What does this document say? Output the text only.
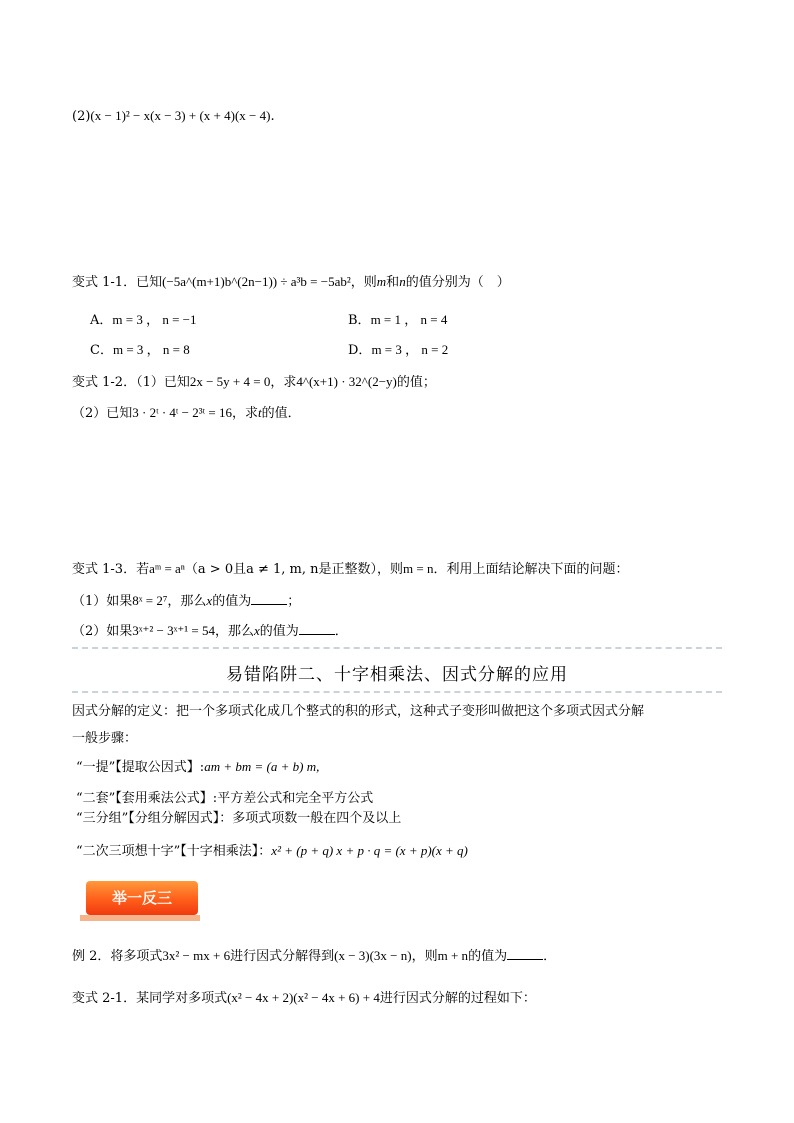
(2)(x − 1)² − x(x − 3) + (x + 4)(x − 4).
变式 1-1．已知(−5a^(m+1)b^(2n−1)) ÷ a³b = −5ab²，则m和n的值分别为（　）
A．m = 3 ， n = −1	B．m = 1 ， n = 4
C．m = 3 ， n = 8	D．m = 3 ， n = 2
变式 1-2．（1）已知2x − 5y + 4 = 0，求4^(x+1) · 32^(2−y)的值；
（2）已知3 · 2ᵗ · 4ᵗ − 2³ᵗ = 16，求t的值．
变式 1-3．若aᵐ = aⁿ（a > 0且a ≠ 1, m, n是正整数），则m = n．利用上面结论解决下面的问题：
（1）如果8ˣ = 2⁷，那么x的值为	；
（2）如果3ˣ⁺² − 3ˣ⁺¹ = 54，那么x的值为	．
易错陷阱二、十字相乘法、因式分解的应用
因式分解的定义：把一个多项式化成几个整式的积的形式，这种式子变形叫做把这个多项式因式分解
一般步骤：
“一提”【提取公因式】:am + bm = (a + b) m,
“二套”【套用乘法公式】:平方差公式和完全平方公式
“三分组”【分组分解因式】：多项式项数一般在四个及以上
“二次三项想十字”【十字相乘法】：x² + (p + q) x + p · q = (x + p)(x + q)
举一反三
例 2．将多项式3x² − mx + 6进行因式分解得到(x − 3)(3x − n)，则m + n的值为	．
变式 2-1．某同学对多项式(x² − 4x + 2)(x² − 4x + 6) + 4进行因式分解的过程如下：
